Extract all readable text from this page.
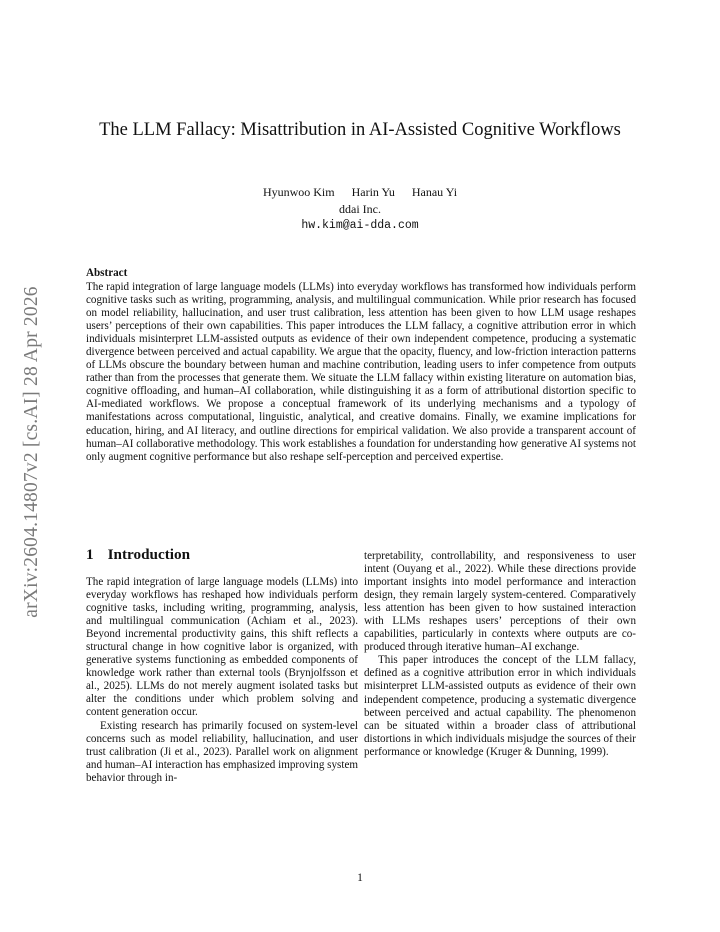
arXiv:2604.14807v2 [cs.AI] 28 Apr 2026
The LLM Fallacy: Misattribution in AI-Assisted Cognitive Workflows
Hyunwoo Kim Harin Yu Hanau Yi
ddai Inc.
hw.kim@ai-dda.com
Abstract

The rapid integration of large language models (LLMs) into everyday workflows has transformed how individuals perform cognitive tasks such as writing, programming, analysis, and multilingual communication. While prior research has focused on model reliability, hallucination, and user trust calibration, less attention has been given to how LLM usage reshapes users’ perceptions of their own capabilities. This paper introduces the LLM fallacy, a cognitive attribution error in which individuals misinterpret LLM-assisted outputs as evidence of their own independent competence, producing a systematic divergence between perceived and actual capability. We argue that the opacity, fluency, and low-friction interaction patterns of LLMs obscure the boundary between human and machine contribution, leading users to infer competence from outputs rather than from the processes that generate them. We situate the LLM fallacy within existing literature on automation bias, cognitive offloading, and human–AI collaboration, while distinguishing it as a form of attributional distortion specific to AI-mediated workflows. We propose a conceptual framework of its underlying mechanisms and a typology of manifestations across computational, linguistic, analytical, and creative domains. Finally, we examine implications for education, hiring, and AI literacy, and outline directions for empirical validation. We also provide a transparent account of human–AI collaborative methodology. This work establishes a foundation for understanding how generative AI systems not only augment cognitive performance but also reshape self-perception and perceived expertise.

1 Introduction

The rapid integration of large language models (LLMs) into everyday workflows has reshaped how individuals perform cognitive tasks, including writing, programming, analysis, and multilingual communication (Achiam et al., 2023). Beyond incremental productivity gains, this shift reflects a structural change in how cognitive labor is organized, with generative systems functioning as embedded components of knowledge work rather than external tools (Brynjolfsson et al., 2025). LLMs do not merely augment isolated tasks but alter the conditions under which problem solving and content generation occur.

Existing research has primarily focused on system-level concerns such as model reliability, hallucination, and user trust calibration (Ji et al., 2023). Parallel work on alignment and human–AI interaction has emphasized improving system behavior through in-

terpretability, controllability, and responsiveness to user intent (Ouyang et al., 2022). While these directions provide important insights into model performance and interaction design, they remain largely system-centered. Comparatively less attention has been given to how sustained interaction with LLMs reshapes users’ perceptions of their own capabilities, particularly in contexts where outputs are co-produced through iterative human–AI exchange.

This paper introduces the concept of the LLM fallacy, defined as a cognitive attribution error in which individuals misinterpret LLM-assisted outputs as evidence of their own independent competence, producing a systematic divergence between perceived and actual capability. The phenomenon can be situated within a broader class of attributional distortions in which individuals misjudge the sources of their performance or knowledge (Kruger & Dunning, 1999).

1
